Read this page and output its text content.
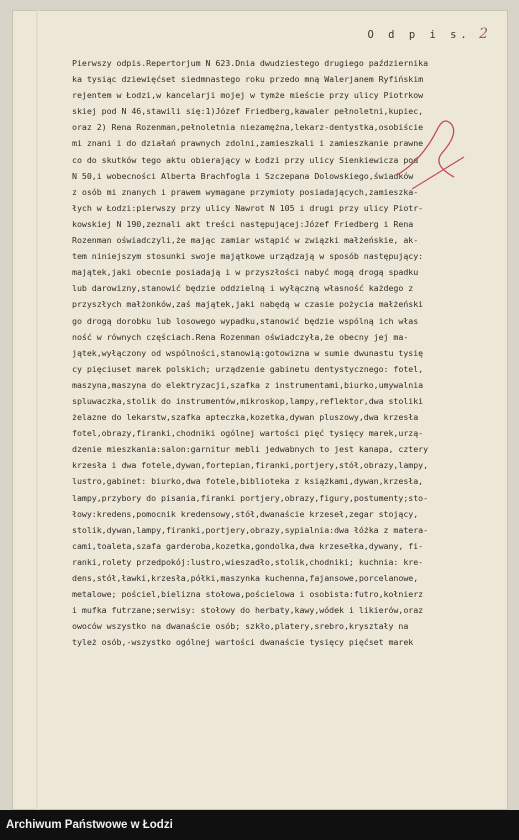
O d p i s. 2
Pierwszy odpis.Repertorjum N 623.Dnia dwudziestego drugiego października
ka tysiąc dziewięćset siedmnastego roku przedo mną Walerjanem Ryfińskim
rejentem w Łodzi,w kancelarji mojej w tymże mieście przy ulicy Piotrkow
skiej pod N 46,stawili się:1)Józef Friedberg,kawaler pełnoletni,kupiec,
oraz 2) Rena Rozenman,pełnoletnia niezamężna,lekarz-dentystka,osobiście
mi znani i do działań prawnych zdolni,zamieszkali i zamieszkanie prawne
co do skutków tego aktu obierający w Łodzi przy ulicy Sienkiewicza pod
N 50,i wobecności Alberta Brachfogla i Szczepana Dolowskiego,świadków
z osób mi znanych i prawem wymagane przymioty posiadających,zamieszka-
łych w Łodzi:pierwszy przy ulicy Nawrot N 105 i drugi przy ulicy Piotr-
kowskiej N 190,zeznali akt treści następującej:Józef Friedberg i Rena
Rozenman oświadczyli,że mając zamiar wstąpić w związki małżeńskie, ak-
tem niniejszym stosunki swoje majątkowe urządzają w sposób następujący:
majątek,jaki obecnie posiadają i w przyszłości nabyć mogą drogą spadku
lub darowizny,stanowić będzie oddzielną i wyłączną własność każdego z
przyszłych małżonków,zaś majątek,jaki nabędą w czasie pożycia małżeński
go drogą dorobku lub losowego wypadku,stanowić będzie wspólną ich włas
ność w równych częściach.Rena Rozenman oświadczyła,że obecny jej ma-
jątek,wyłączony od wspólności,stanowią:gotowizna w sumie dwunastu tysię
cy pięciuset marek polskich; urządzenie gabinetu dentystycznego: fotel,
maszyna,maszyna do elektryzacji,szafka z instrumentami,biurko,umywalnia
spluwaczka,stolik do instrumentów,mikroskop,lampy,reflektor,dwa stoliki
żelazne do lekarstw,szafka apteczka,kozetka,dywan pluszowy,dwa krzesła
fotel,obrazy,firanki,chodniki ogólnej wartości pięć tysięcy marek,urzą-
dzenie mieszkania:salon:garnitur mebli jedwabnych to jest kanapa, cztery
krzesła i dwa fotele,dywan,fortepian,firanki,portjery,stół,obrazy,lampy,
lustro,gabinet: biurko,dwa fotele,biblioteka z książkami,dywan,krzesła,
lampy,przybory do pisania,firanki portjery,obrazy,figury,postumenty;sto-
łowy:kredens,pomocnik kredensowy,stół,dwanaście krzeseł,zegar stojący,
stolik,dywan,lampy,firanki,portjery,obrazy,sypialnia:dwa łóżka z matera-
cami,toaleta,szafa garderoba,kozetka,gondolka,dwa krzesełka,dywany, fi-
ranki,rolety przedpokój:lustro,wieszadło,stolik,chodniki; kuchnia: kre-
dens,stół,ławki,krzesła,półki,maszynka kuchenna,fajansowe,porcelanowe,
metalowe; pościel,bielizna stołowa,pościelowa i osobista:futro,kołnierz
i mufka futrzane;serwisy: stołowy do herbaty,kawy,wódek i likierów,oraz
owoców wszystko na dwanaście osób; szkło,platery,srebro,kryształy na
tyleż osób,-wszystko ogólnej wartości dwanaście tysięcy pięćset marek
Archiwum Państwowe w Łodzi
